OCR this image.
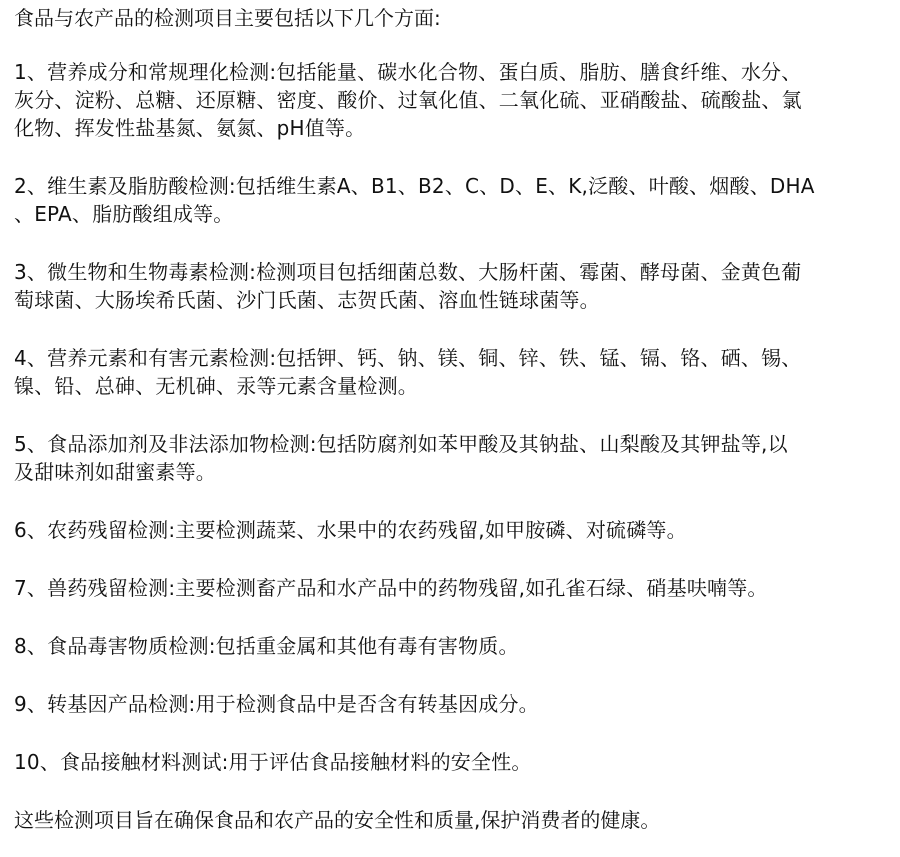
食品与农产品的检测项目主要包括以下几个方面:

1、营养成分和常规理化检测:包括能量、碳水化合物、蛋白质、脂肪、膳食纤维、水分、
灰分、淀粉、总糖、还原糖、密度、酸价、过氧化值、二氧化硫、亚硝酸盐、硫酸盐、氯
化物、挥发性盐基氮、氨氮、pH值等。

2、维生素及脂肪酸检测:包括维生素A、B1、B2、C、D、E、K,泛酸、叶酸、烟酸、DHA
、EPA、脂肪酸组成等。

3、微生物和生物毒素检测:检测项目包括细菌总数、大肠杆菌、霉菌、酵母菌、金黄色葡
萄球菌、大肠埃希氏菌、沙门氏菌、志贺氏菌、溶血性链球菌等。

4、营养元素和有害元素检测:包括钾、钙、钠、镁、铜、锌、铁、锰、镉、铬、硒、锡、
镍、铅、总砷、无机砷、汞等元素含量检测。

5、食品添加剂及非法添加物检测:包括防腐剂如苯甲酸及其钠盐、山梨酸及其钾盐等,以
及甜味剂如甜蜜素等。

6、农药残留检测:主要检测蔬菜、水果中的农药残留,如甲胺磷、对硫磷等。

7、兽药残留检测:主要检测畜产品和水产品中的药物残留,如孔雀石绿、硝基呋喃等。

8、食品毒害物质检测:包括重金属和其他有毒有害物质。

9、转基因产品检测:用于检测食品中是否含有转基因成分。

10、食品接触材料测试:用于评估食品接触材料的安全性。

这些检测项目旨在确保食品和农产品的安全性和质量,保护消费者的健康。
